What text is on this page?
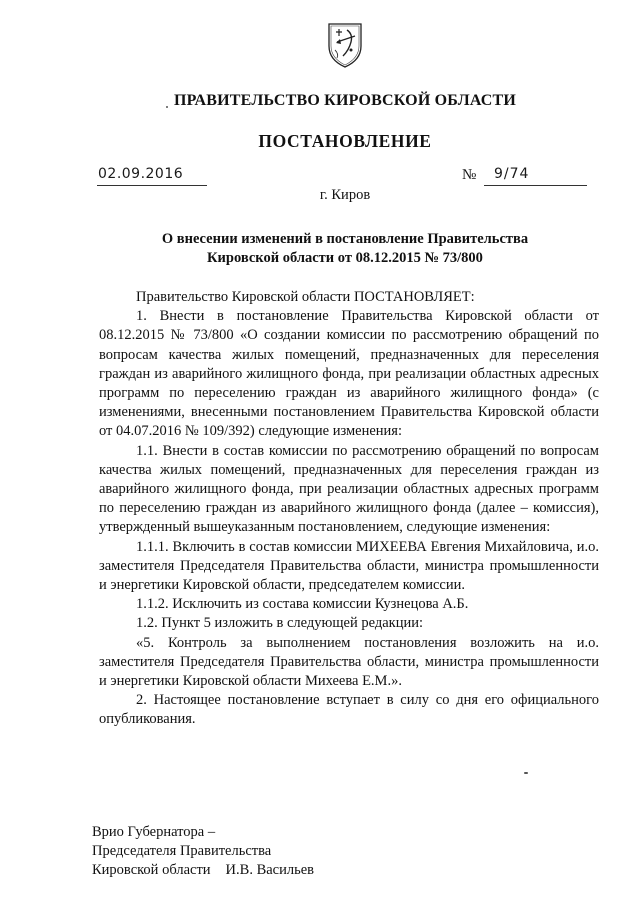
ПРАВИТЕЛЬСТВО КИРОВСКОЙ ОБЛАСТИ
ПОСТАНОВЛЕНИЕ
02.09.2016	№ 9/74
г. Киров
О внесении изменений в постановление Правительства
Кировской области от 08.12.2015 № 73/800

Правительство Кировской области ПОСТАНОВЛЯЕТ:

1. Внести в постановление Правительства Кировской области от 08.12.2015 № 73/800 «О создании комиссии по рассмотрению обращений по вопросам качества жилых помещений, предназначенных для переселения граждан из аварийного жилищного фонда, при реализации областных адресных программ по переселению граждан из аварийного жилищного фонда» (с изменениями, внесенными постановлением Правительства Кировской области от 04.07.2016 № 109/392) следующие изменения:

1.1. Внести в состав комиссии по рассмотрению обращений по вопросам качества жилых помещений, предназначенных для переселения граждан из аварийного жилищного фонда, при реализации областных адресных программ по переселению граждан из аварийного жилищного фонда (далее – комиссия), утвержденный вышеуказанным постановлением, следующие изменения:

1.1.1. Включить в состав комиссии МИХЕЕВА Евгения Михайловича, и.о. заместителя Председателя Правительства области, министра промышленности и энергетики Кировской области, председателем комиссии.

1.1.2. Исключить из состава комиссии Кузнецова А.Б.

1.2. Пункт 5 изложить в следующей редакции:

«5. Контроль за выполнением постановления возложить на и.о. заместителя Председателя Правительства области, министра промышленности и энергетики Кировской области Михеева Е.М.».

2. Настоящее постановление вступает в силу со дня его официального опубликования.

Врио Губернатора –
Председателя Правительства
Кировской области И.В. Васильев
